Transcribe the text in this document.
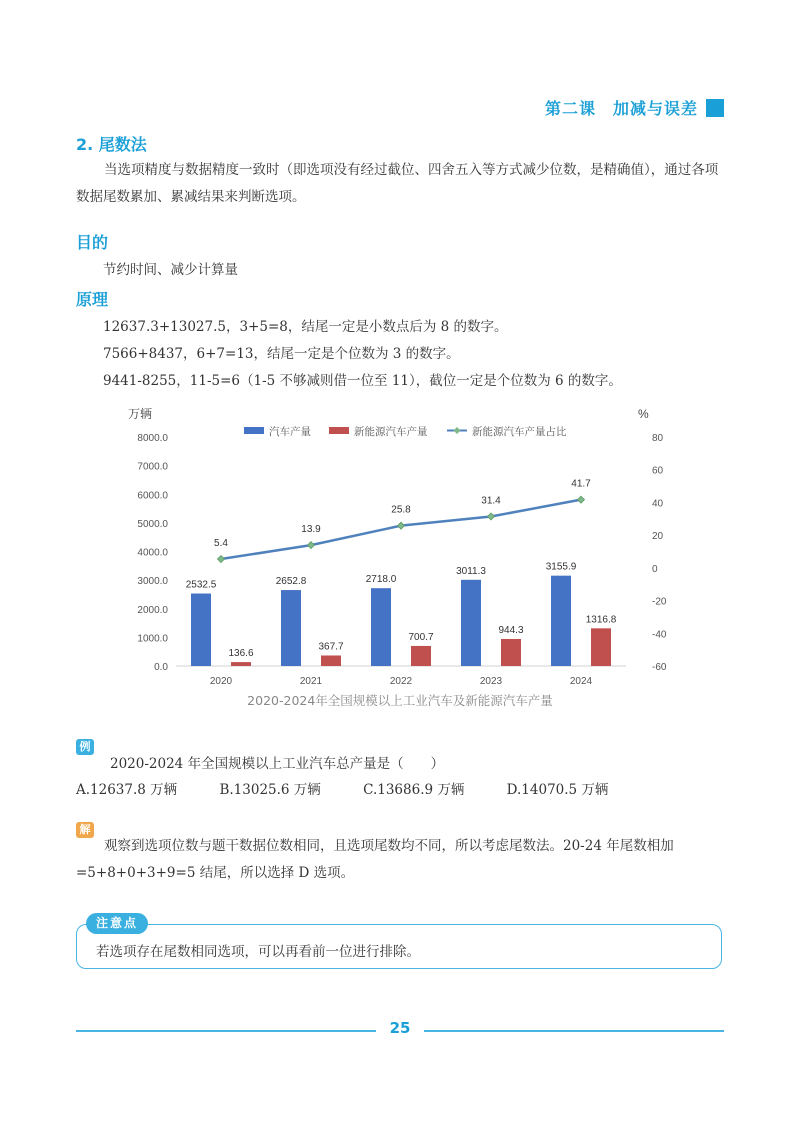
第二课　加减与误差
2. 尾数法
当选项精度与数据精度一致时（即选项没有经过截位、四舍五入等方式减少位数，是精确值），通过各项数据尾数累加、累减结果来判断选项。
目的
节约时间、减少计算量
原理
12637.3+13027.5，3+5=8，结尾一定是小数点后为 8 的数字。
7566+8437，6+7=13，结尾一定是个位数为 3 的数字。
9441-8255，11-5=6（1-5 不够减则借一位至 11），截位一定是个位数为 6 的数字。
万辆	%
0.0
1000.0
2000.0
3000.0
4000.0
5000.0
6000.0
7000.0
8000.0
-60
-40
-20
0
20
40
60
80
2020
2532.5
136.6
2021
2652.8
367.7
2022
2718.0
700.7
2023
3011.3
944.3
2024
3155.9
1316.8
5.4
13.9
25.8
31.4
41.7
汽车产量	新能源汽车产量	新能源汽车产量占比
2020-2024年全国规模以上工业汽车及新能源汽车产量
例
2020-2024 年全国规模以上工业汽车总产量是（　　）
A.12637.8 万辆	B.13025.6 万辆	C.13686.9 万辆	D.14070.5 万辆
解
观察到选项位数与题干数据位数相同，且选项尾数均不同，所以考虑尾数法。20-24 年尾数相加=5+8+0+3+9=5 结尾，所以选择 D 选项。
注意点
若选项存在尾数相同选项，可以再看前一位进行排除。
25
